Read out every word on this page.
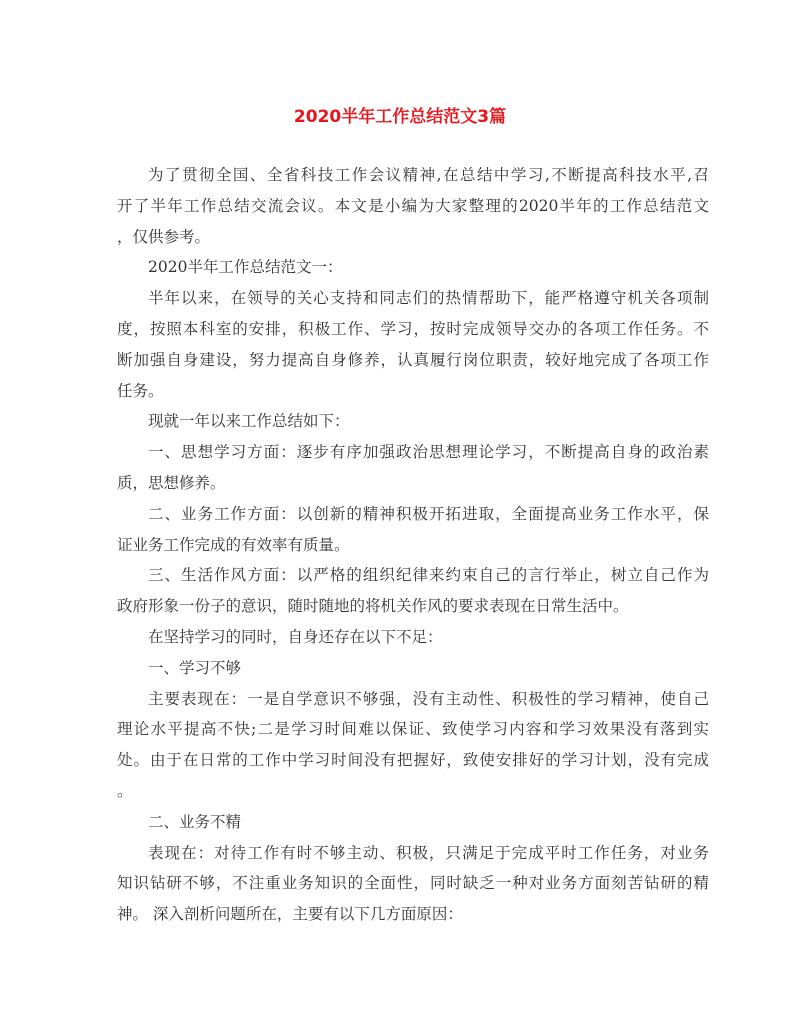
2020半年工作总结范文3篇
为了贯彻全国、全省科技工作会议精神,在总结中学习,不断提高科技水平,召
开了半年工作总结交流会议。本文是小编为大家整理的2020半年的工作总结范文
，仅供参考。
2020半年工作总结范文一：
半年以来，在领导的关心支持和同志们的热情帮助下，能严格遵守机关各项制
度，按照本科室的安排，积极工作、学习，按时完成领导交办的各项工作任务。不
断加强自身建设，努力提高自身修养，认真履行岗位职责，较好地完成了各项工作
任务。
现就一年以来工作总结如下：
一、思想学习方面：逐步有序加强政治思想理论学习，不断提高自身的政治素
质，思想修养。
二、业务工作方面：以创新的精神积极开拓进取，全面提高业务工作水平，保
证业务工作完成的有效率有质量。
三、生活作风方面：以严格的组织纪律来约束自己的言行举止，树立自己作为
政府形象一份子的意识，随时随地的将机关作风的要求表现在日常生活中。
在坚持学习的同时，自身还存在以下不足：
一、学习不够
主要表现在：一是自学意识不够强，没有主动性、积极性的学习精神，使自己
理论水平提高不快;二是学习时间难以保证、致使学习内容和学习效果没有落到实
处。由于在日常的工作中学习时间没有把握好，致使安排好的学习计划，没有完成
。
二、业务不精
表现在：对待工作有时不够主动、积极，只满足于完成平时工作任务，对业务
知识钻研不够，不注重业务知识的全面性，同时缺乏一种对业务方面刻苦钻研的精
神。 深入剖析问题所在，主要有以下几方面原因：
